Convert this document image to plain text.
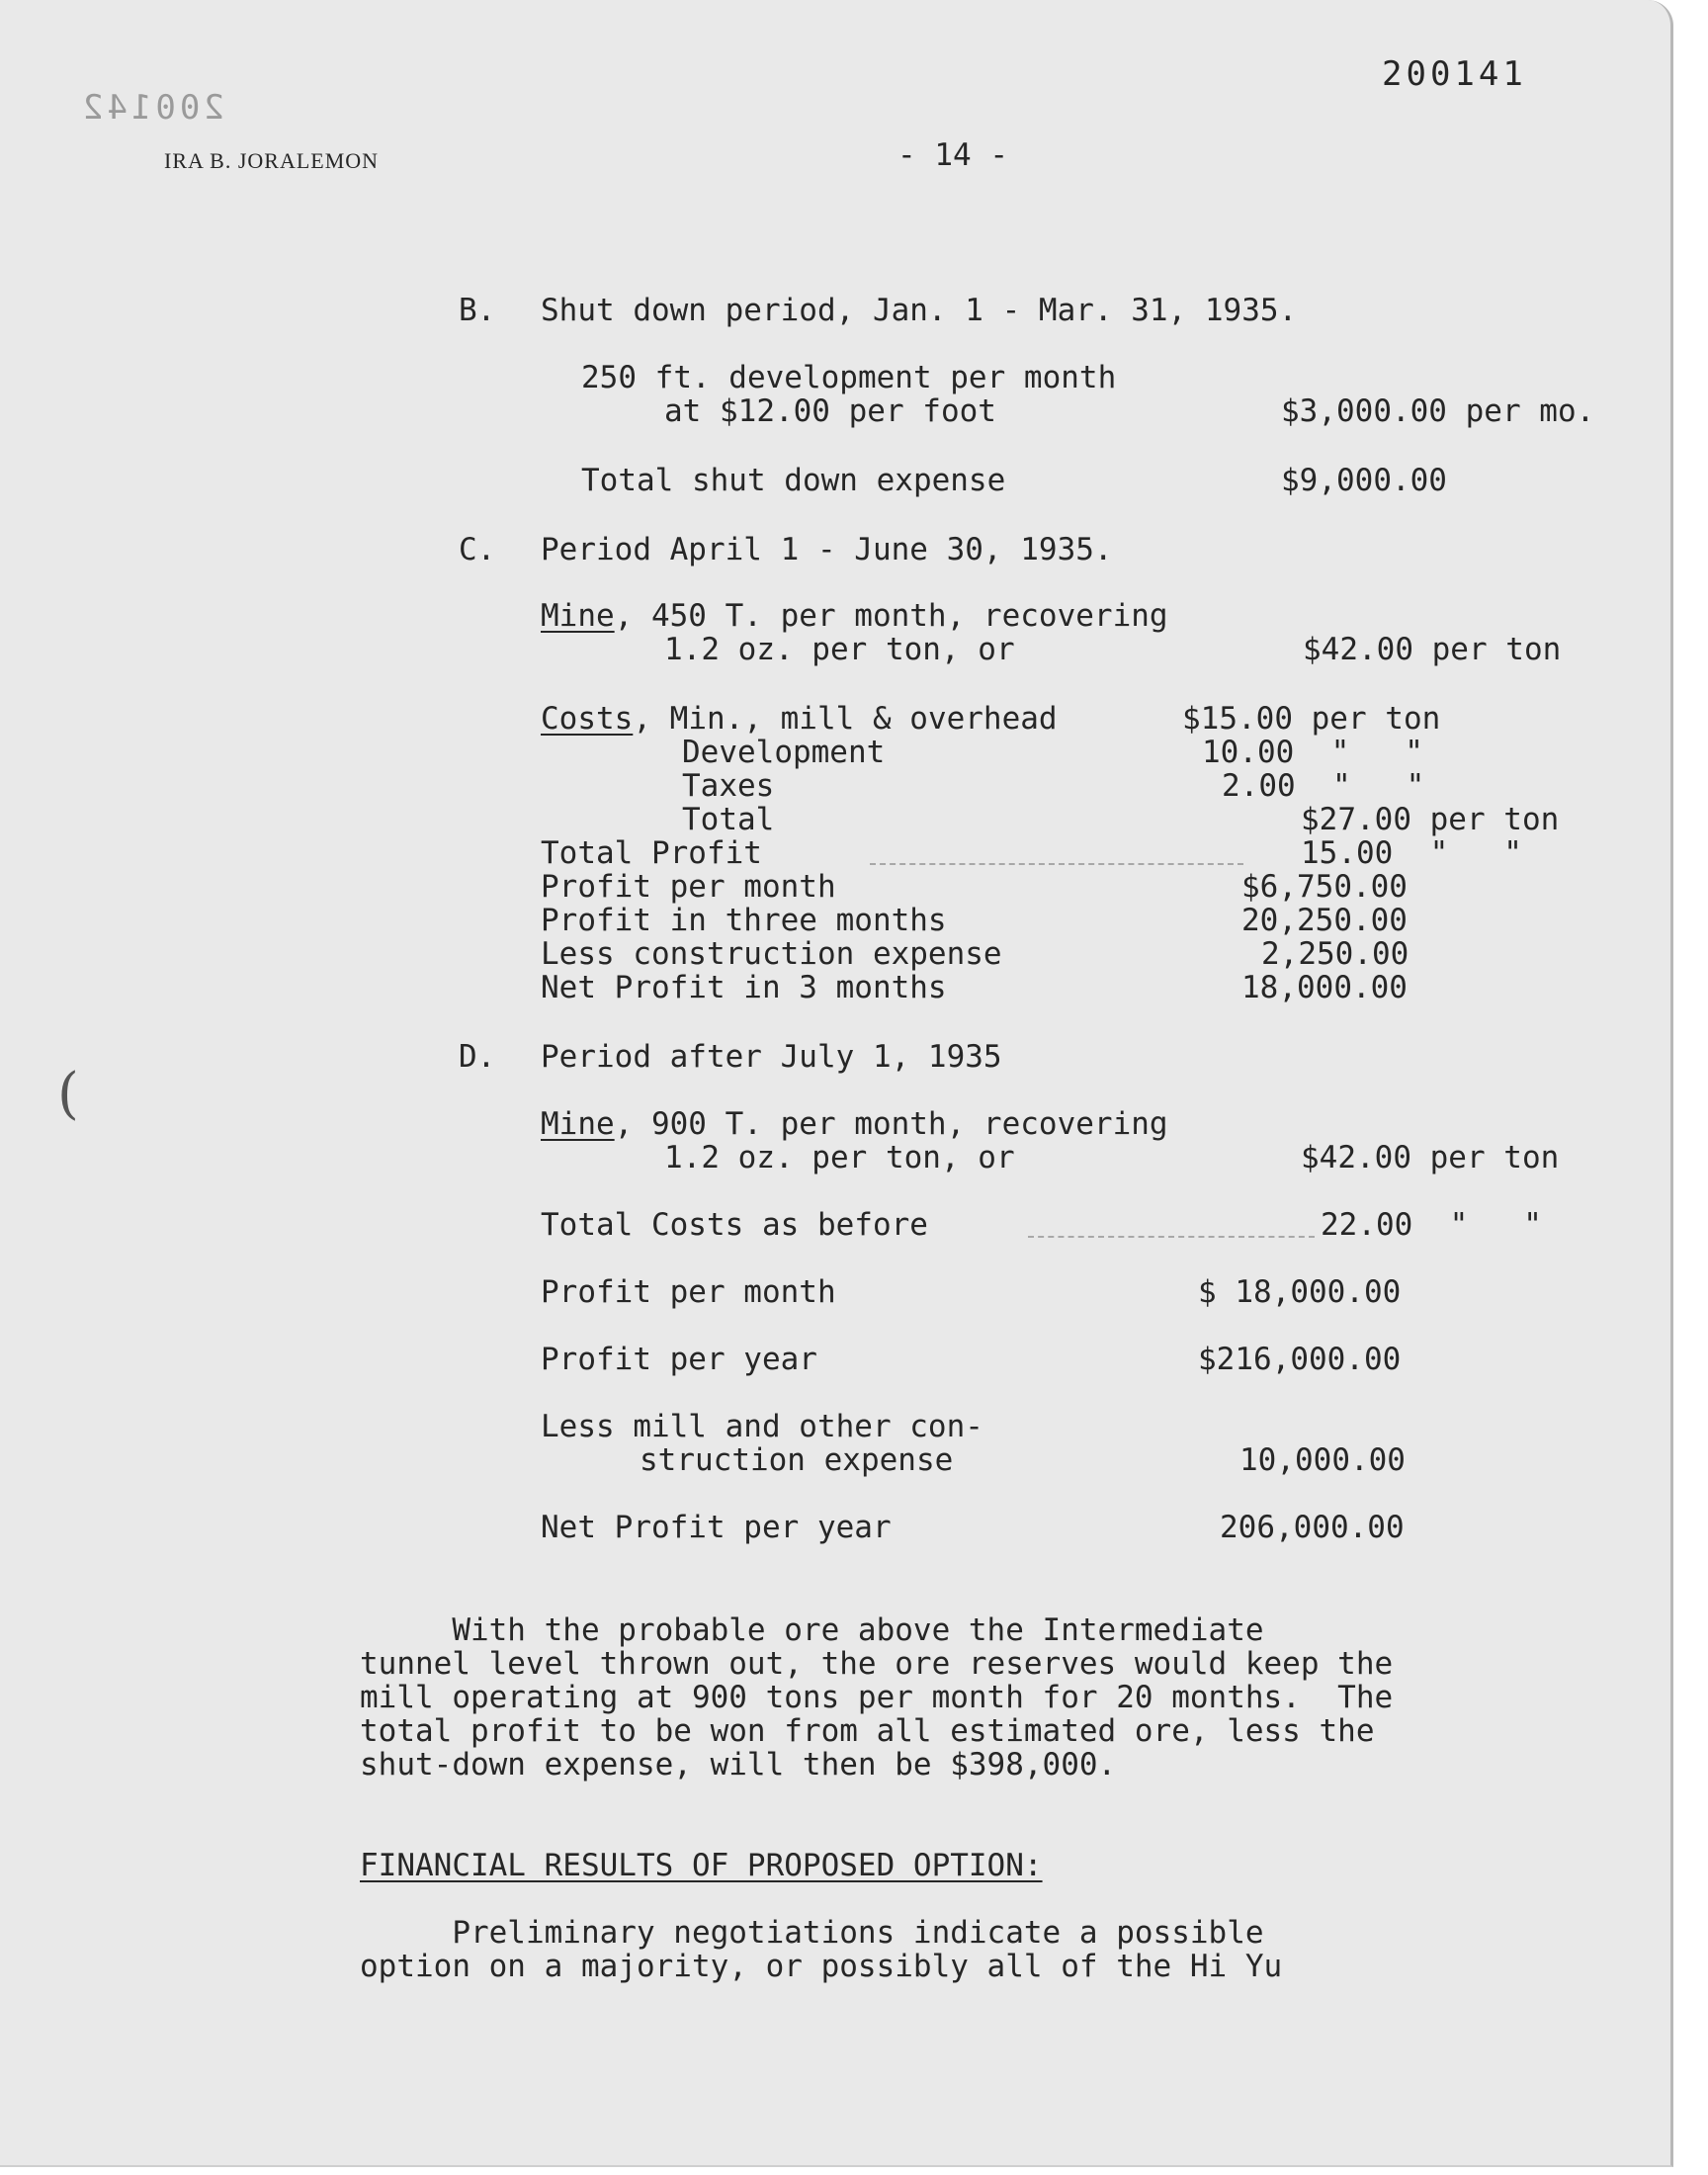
200141
200142
IRA B. JORALEMON	- 14 -
B. Shut down period, Jan. 1 - Mar. 31, 1935.
250 ft. development per month
at $12.00 per foot	$3,000.00 per mo.
Total shut down expense	$9,000.00
C. Period April 1 - June 30, 1935.
Mine, 450 T. per month, recovering
1.2 oz. per ton, or	$42.00 per ton
Costs, Min., mill & overhead	$15.00 per ton
Development	10.00  "   "
Taxes	2.00  "   "
Total	$27.00 per ton
Total Profit	15.00  "   "
Profit per month	$6,750.00
Profit in three months	20,250.00
Less construction expense	2,250.00
Net Profit in 3 months	18,000.00
(
D. Period after July 1, 1935
Mine, 900 T. per month, recovering
1.2 oz. per ton, or	$42.00 per ton
Total Costs as before	22.00  "   "
Profit per month	$ 18,000.00
Profit per year	$216,000.00
Less mill and other con-
struction expense	10,000.00
Net Profit per year	206,000.00
With the probable ore above the Intermediate
tunnel level thrown out, the ore reserves would keep the
mill operating at 900 tons per month for 20 months.  The
total profit to be won from all estimated ore, less the
shut-down expense, will then be $398,000.
FINANCIAL RESULTS OF PROPOSED OPTION:
Preliminary negotiations indicate a possible
option on a majority, or possibly all of the Hi Yu
